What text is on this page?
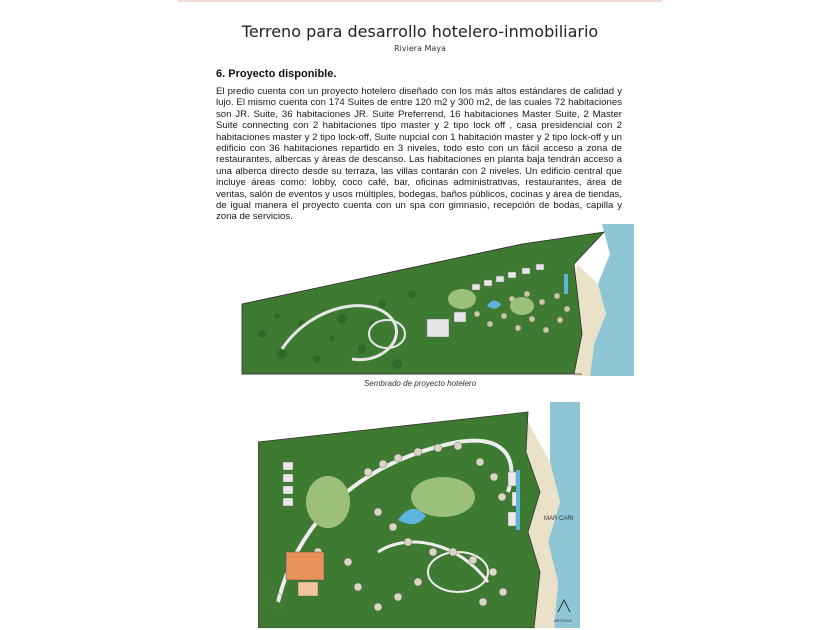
Terreno para desarrollo hotelero-inmobiliario
Riviera Maya
6. Proyecto disponible.
El predio cuenta con un proyecto hotelero diseñado con los más altos estándares de calidad y lujo. El mismo cuenta con 174 Suites de entre 120 m2 y 300 m2, de las cuales 72 habitaciones son JR. Suite, 36 habitaciones JR. Suite Preferrend, 16 habitaciones Master Suite, 2 Master Suite connecting con 2 habitaciones tipo master y 2 tipo lock off , casa presidencial con 2 habitaciones master y 2 tipo lock-off, Suite nupcial con 1 habitación master y 2 tipo lock-off y un edificio con 36 habitaciones repartido en 3 niveles, todo esto con un fácil acceso a zona de restaurantes, albercas y áreas de descanso. Las habitaciones en planta baja tendrán acceso a una alberca directo desde su terraza, las villas contarán con 2 niveles. Un edificio central que incluye áreas como: lobby, coco café, bar, oficinas administrativas, restaurantes, área de ventas, salón de eventos y usos múltiples, bodegas, baños públicos, cocinas y área de tiendas, de igual manera el proyecto cuenta con un spa con gimnasio, recepción de bodas, capilla y zona de servicios.
Sembrado de proyecto hotelero
MAR CARI
ARTIGAS
